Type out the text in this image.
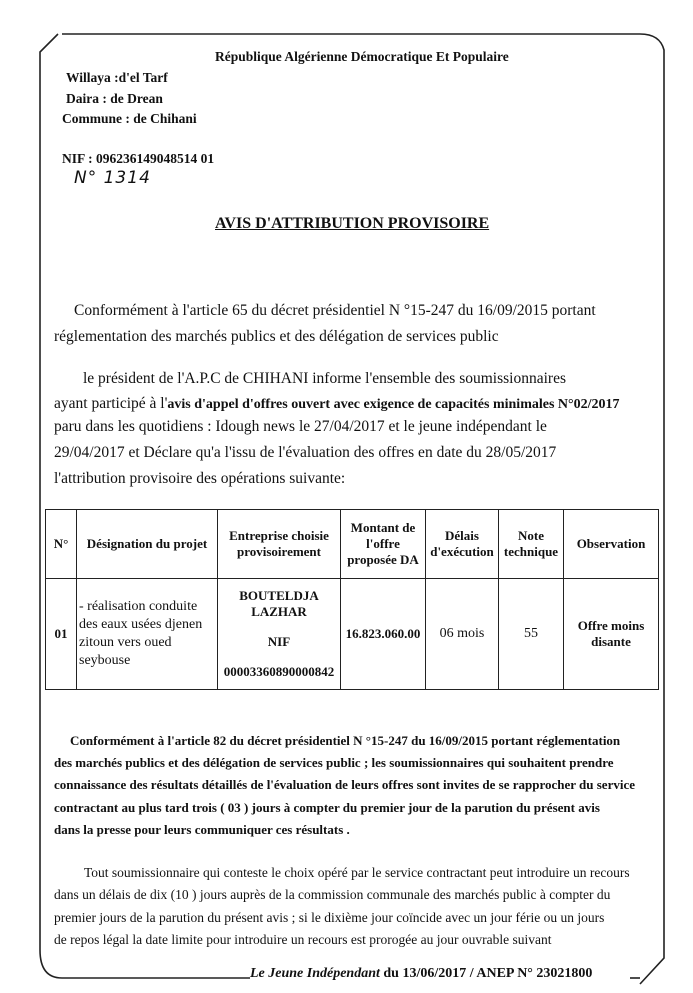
République Algérienne Démocratique Et Populaire
Willaya :d'el Tarf
Daira : de Drean
Commune : de Chihani
NIF : 096236149048514 01
N° 1314
AVIS D'ATTRIBUTION PROVISOIRE
Conformément à l'article 65 du décret présidentiel N °15-247 du 16/09/2015 portant
réglementation des marchés publics et des délégation de services public
le président de l'A.P.C de CHIHANI informe l'ensemble des soumissionnaires
ayant participé à l'avis d'appel d'offres ouvert avec exigence de capacités minimales N°02/2017
paru dans les quotidiens : Idough news le 27/04/2017 et le jeune indépendant le
29/04/2017 et Déclare qu'a l'issu de l'évaluation des offres en date du 28/05/2017
l'attribution provisoire des opérations suivante:
N°	Désignation du projet	Entreprise choisie provisoirement	Montant de l'offre proposée DA	Délais d'exécution	Note technique	Observation
01	- réalisation conduite des eaux usées djenen zitoun vers oued seybouse	BOUTELDJA LAZHAR
NIF
00003360890000842	16.823.060.00	06 mois	55	Offre moins disante
Conformément à l'article 82 du décret présidentiel N °15-247 du 16/09/2015 portant réglementation
des marchés publics et des délégation de services public ; les soumissionnaires qui souhaitent prendre
connaissance des résultats détaillés de l'évaluation de leurs offres sont invites de se rapprocher du service
contractant au plus tard trois ( 03 ) jours à compter du premier jour de la parution du présent avis
dans la presse pour leurs communiquer ces résultats .
Tout soumissionnaire qui conteste le choix opéré par le service contractant peut introduire un recours
dans un délais de dix (10 ) jours auprès de la commission communale des marchés public à compter du
premier jours de la parution du présent avis ; si le dixième jour coïncide avec un jour férie ou un jours
de repos légal la date limite pour introduire un recours est prorogée au jour ouvrable suivant
Le Jeune Indépendant du 13/06/2017 / ANEP N° 23021800
